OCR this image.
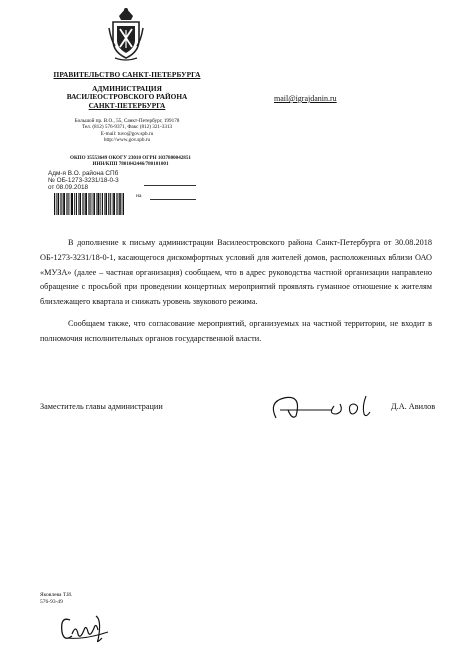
ПРАВИТЕЛЬСТВО САНКТ-ПЕТЕРБУРГА
АДМИНИСТРАЦИЯ
ВАСИЛЕОСТРОВСКОГО РАЙОНА
САНКТ-ПЕТЕРБУРГА
Большой пр. В.О., 55, Санкт-Петербург, 199178
Тел. (812) 576-9371, Факс (812) 321-3313
E-mail: tuvo@gov.spb.ru
http://www.gov.spb.ru
ОКПО 35553649 ОКОГУ 23010 ОГРН 1037800042851
ИНН/КПП 7801042446/780101001
Адм-я В.О. района СПб
№ ОБ-1273-3231/18-0-3
от 08.09.2018
на
mail@igrajdanin.ru

В дополнение к письму администрации Василеостровского района Санкт-Петербурга от 30.08.2018 ОБ-1273-3231/18-0-1, касающегося дискомфортных условий для жителей домов, расположенных вблизи ОАО «МУЗА» (далее – частная организация) сообщаем, что в адрес руководства частной организации направлено обращение с просьбой при проведении концертных мероприятий проявлять гуманное отношение к жителям близлежащего квартала и снижать уровень звукового режима.

Сообщаем также, что согласование мероприятий, организуемых на частной территории, не входит в полномочия исполнительных органов государственной власти.

Заместитель главы администрации	Д.А. Авилов
Яковлева Т.И.
576-93-49
